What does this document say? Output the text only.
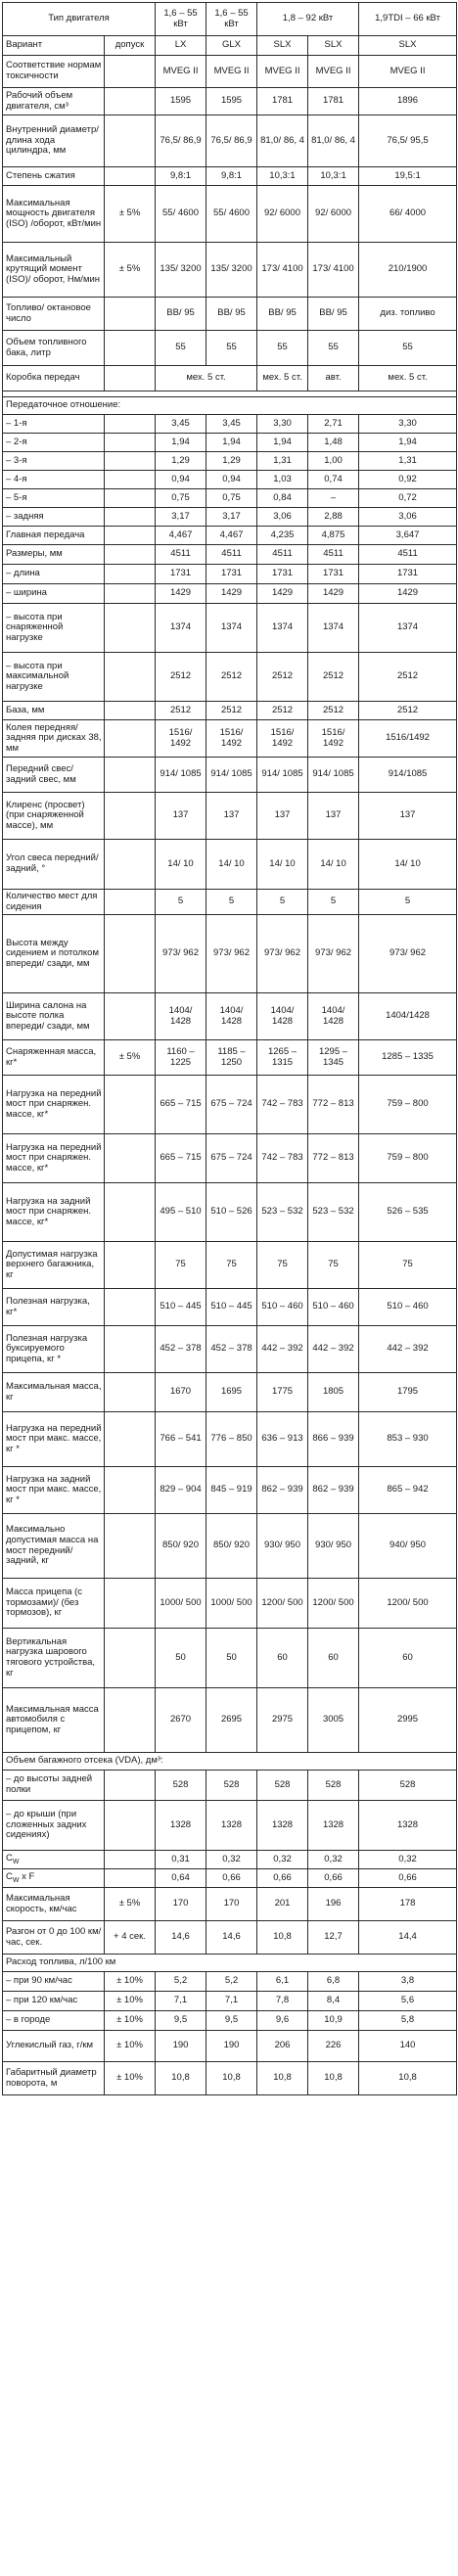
Тип двигателя		1,6 – 55 кВт	1,6 – 55 кВт	1,8 – 92 кВт		1,9TDI – 66 кВт
Вариант	допуск	LX	GLX	SLX	SLX	SLX
Соответствие нормам токсичности		MVEG II	MVEG II	MVEG II	MVEG II	MVEG II
Рабочий объем двигателя, см³		1595	1595	1781	1781	1896
Внутренний диаметр/ длина хода цилиндра, мм		76,5/ 86,9	76,5/ 86,9	81,0/ 86, 4	81,0/ 86, 4	76,5/ 95,5
Степень сжатия		9,8:1	9,8:1	10,3:1	10,3:1	19,5:1
Максимальная мощность двигателя (ISO) /оборот, кВт/мин	± 5%	55/ 4600	55/ 4600	92/ 6000	92/ 6000	66/ 4000
Максимальный крутящий момент (ISO)/ оборот, Нм/мин	± 5%	135/ 3200	135/ 3200	173/ 4100	173/ 4100	210/1900
Топливо/ октановое число		ВВ/ 95	ВВ/ 95	ВВ/ 95	ВВ/ 95	диз. топливо
Объем топливного бака, литр		55	55	55	55	55
Коробка передач		мех. 5 ст.		мех. 5 ст.	авт.	мех. 5 ст.

Передаточное отношение:						
– 1-я		3,45	3,45	3,30	2,71	3,30
– 2-я		1,94	1,94	1,94	1,48	1,94
– 3-я		1,29	1,29	1,31	1,00	1,31
– 4-я		0,94	0,94	1,03	0,74	0,92
– 5-я		0,75	0,75	0,84	–	0,72
– задняя		3,17	3,17	3,06	2,88	3,06
Главная передача		4,467	4,467	4,235	4,875	3,647
Размеры, мм		4511	4511	4511	4511	4511
– длина		1731	1731	1731	1731	1731
– ширина		1429	1429	1429	1429	1429
– высота при снаряженной нагрузке		1374	1374	1374	1374	1374
– высота при максимальной нагрузке		2512	2512	2512	2512	2512
База, мм		2512	2512	2512	2512	2512
Колея передняя/ задняя при дисках 38, мм		1516/ 1492	1516/ 1492	1516/ 1492	1516/ 1492	1516/1492
Передний свес/ задний свес, мм		914/ 1085	914/ 1085	914/ 1085	914/ 1085	914/1085
Клиренс (просвет) (при снаряженной массе), мм		137	137	137	137	137
Угол свеса передний/ задний, °		14/ 10	14/ 10	14/ 10	14/ 10	14/ 10
Количество мест для сидения		5	5	5	5	5
Высота между сидением и потолком впереди/ сзади, мм		973/ 962	973/ 962	973/ 962	973/ 962	973/ 962
Ширина салона на высоте полка впереди/ сзади, мм		1404/ 1428	1404/ 1428	1404/ 1428	1404/ 1428	1404/1428
Снаряженная масса, кг*	± 5%	1160 – 1225	1185 – 1250	1265 – 1315	1295 – 1345	1285 – 1335
Нагрузка на передний мост при снаряжен. массе, кг*		665 – 715	675 – 724	742 – 783	772 – 813	759 – 800
Нагрузка на передний мост при снаряжен. массе, кг*		665 – 715	675 – 724	742 – 783	772 – 813	759 – 800
Нагрузка на задний мост при снаряжен. массе, кг*		495 – 510	510 – 526	523 – 532	523 – 532	526 – 535
Допустимая нагрузка верхнего багажника, кг		75	75	75	75	75
Полезная нагрузка, кг*		510 – 445	510 – 445	510 – 460	510 – 460	510 – 460
Полезная нагрузка буксируемого прицепа, кг *		452 – 378	452 – 378	442 – 392	442 – 392	442 – 392
Максимальная масса, кг		1670	1695	1775	1805	1795
Нагрузка на передний мост при макс. массе, кг *		766 – 541	776 – 850	636 – 913	866 – 939	853 – 930
Нагрузка на задний мост при макс. массе, кг *		829 – 904	845 – 919	862 – 939	862 – 939	865 – 942
Максимально допустимая масса на мост передний/ задний, кг		850/ 920	850/ 920	930/ 950	930/ 950	940/ 950
Масса прицепа (с тормозами)/ (без тормозов), кг		1000/ 500	1000/ 500	1200/ 500	1200/ 500	1200/ 500
Вертикальная нагрузка шарового тягового устройства, кг		50	50	60	60	60
Максимальная масса автомобиля с прицепом, кг		2670	2695	2975	3005	2995
Объем багажного отсека (VDA), дм³:						
– до высоты задней полки		528	528	528	528	528
– до крыши (при сложенных задних сидениях)		1328	1328	1328	1328	1328
$C_W$		0,31	0,32	0,32	0,32	0,32
$C_W$ x F		0,64	0,66	0,66	0,66	0,66
Максимальная скорость, км/час	± 5%	170	170	201	196	178
Разгон от 0 до 100 км/час, сек.	+ 4 сек.	14,6	14,6	10,8	12,7	14,4
Расход топлива, л/100 км						
– при 90 км/час	± 10%	5,2	5,2	6,1	6,8	3,8
– при 120 км/час	± 10%	7,1	7,1	7,8	8,4	5,6
– в городе	± 10%	9,5	9,5	9,6	10,9	5,8
Углекислый газ, г/км	± 10%	190	190	206	226	140
Габаритный диаметр поворота, м	± 10%	10,8	10,8	10,8	10,8	10,8
